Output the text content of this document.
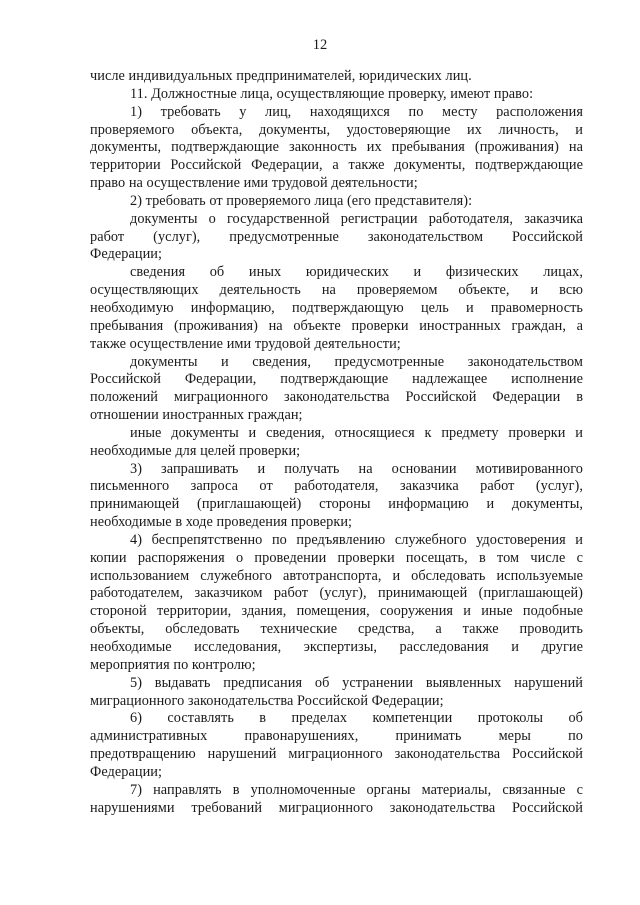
12
числе индивидуальных предпринимателей, юридических лиц.
11. Должностные лица, осуществляющие проверку, имеют право:
1) требовать у лиц, находящихся по месту расположения
проверяемого объекта, документы, удостоверяющие их личность, и
документы, подтверждающие законность их пребывания (проживания) на
территории Российской Федерации, а также документы, подтверждающие
право на осуществление ими трудовой деятельности;
2) требовать от проверяемого лица (его представителя):
документы о государственной регистрации работодателя, заказчика
работ (услуг), предусмотренные законодательством Российской
Федерации;
сведения об иных юридических и физических лицах,
осуществляющих деятельность на проверяемом объекте, и всю
необходимую информацию, подтверждающую цель и правомерность
пребывания (проживания) на объекте проверки иностранных граждан, а
также осуществление ими трудовой деятельности;
документы и сведения, предусмотренные законодательством
Российской Федерации, подтверждающие надлежащее исполнение
положений миграционного законодательства Российской Федерации в
отношении иностранных граждан;
иные документы и сведения, относящиеся к предмету проверки и
необходимые для целей проверки;
3) запрашивать и получать на основании мотивированного
письменного запроса от работодателя, заказчика работ (услуг),
принимающей (приглашающей) стороны информацию и документы,
необходимые в ходе проведения проверки;
4) беспрепятственно по предъявлению служебного удостоверения и
копии распоряжения о проведении проверки посещать, в том числе с
использованием служебного автотранспорта, и обследовать используемые
работодателем, заказчиком работ (услуг), принимающей (приглашающей)
стороной территории, здания, помещения, сооружения и иные подобные
объекты, обследовать технические средства, а также проводить
необходимые исследования, экспертизы, расследования и другие
мероприятия по контролю;
5) выдавать предписания об устранении выявленных нарушений
миграционного законодательства Российской Федерации;
6) составлять в пределах компетенции протоколы об
административных правонарушениях, принимать меры по
предотвращению нарушений миграционного законодательства Российской
Федерации;
7) направлять в уполномоченные органы материалы, связанные с
нарушениями требований миграционного законодательства Российской
